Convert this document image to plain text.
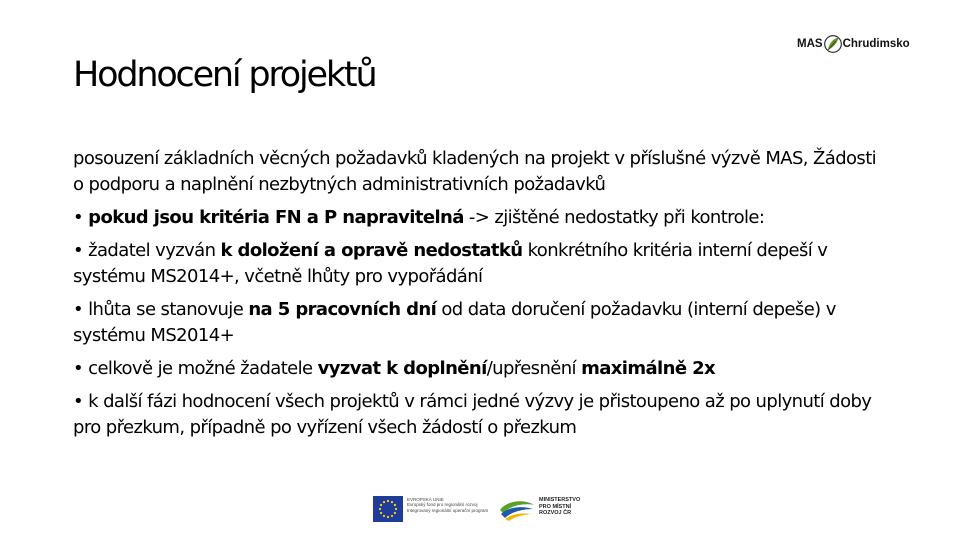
MAS Chrudimsko
Hodnocení projektů

posouzení základních věcných požadavků kladených na projekt v příslušné výzvě MAS, Žádosti o podporu a naplnění nezbytných administrativních požadavků

• pokud jsou kritéria FN a P napravitelná -> zjištěné nedostatky při kontrole:

• žadatel vyzván k doložení a opravě nedostatků konkrétního kritéria interní depeší v systému MS2014+, včetně lhůty pro vypořádání

• lhůta se stanovuje na 5 pracovních dní od data doručení požadavku (interní depeše) v systému MS2014+

• celkově je možné žadatele vyzvat k doplnění/upřesnění maximálně 2x

• k další fázi hodnocení všech projektů v rámci jedné výzvy je přistoupeno až po uplynutí doby pro přezkum, případně po vyřízení všech žádostí o přezkum

EVROPSKÁ UNIE
Evropský fond pro regionální rozvoj
Integrovaný regionální operační program
MINISTERSTVO
PRO MÍSTNÍ
ROZVOJ ČR
